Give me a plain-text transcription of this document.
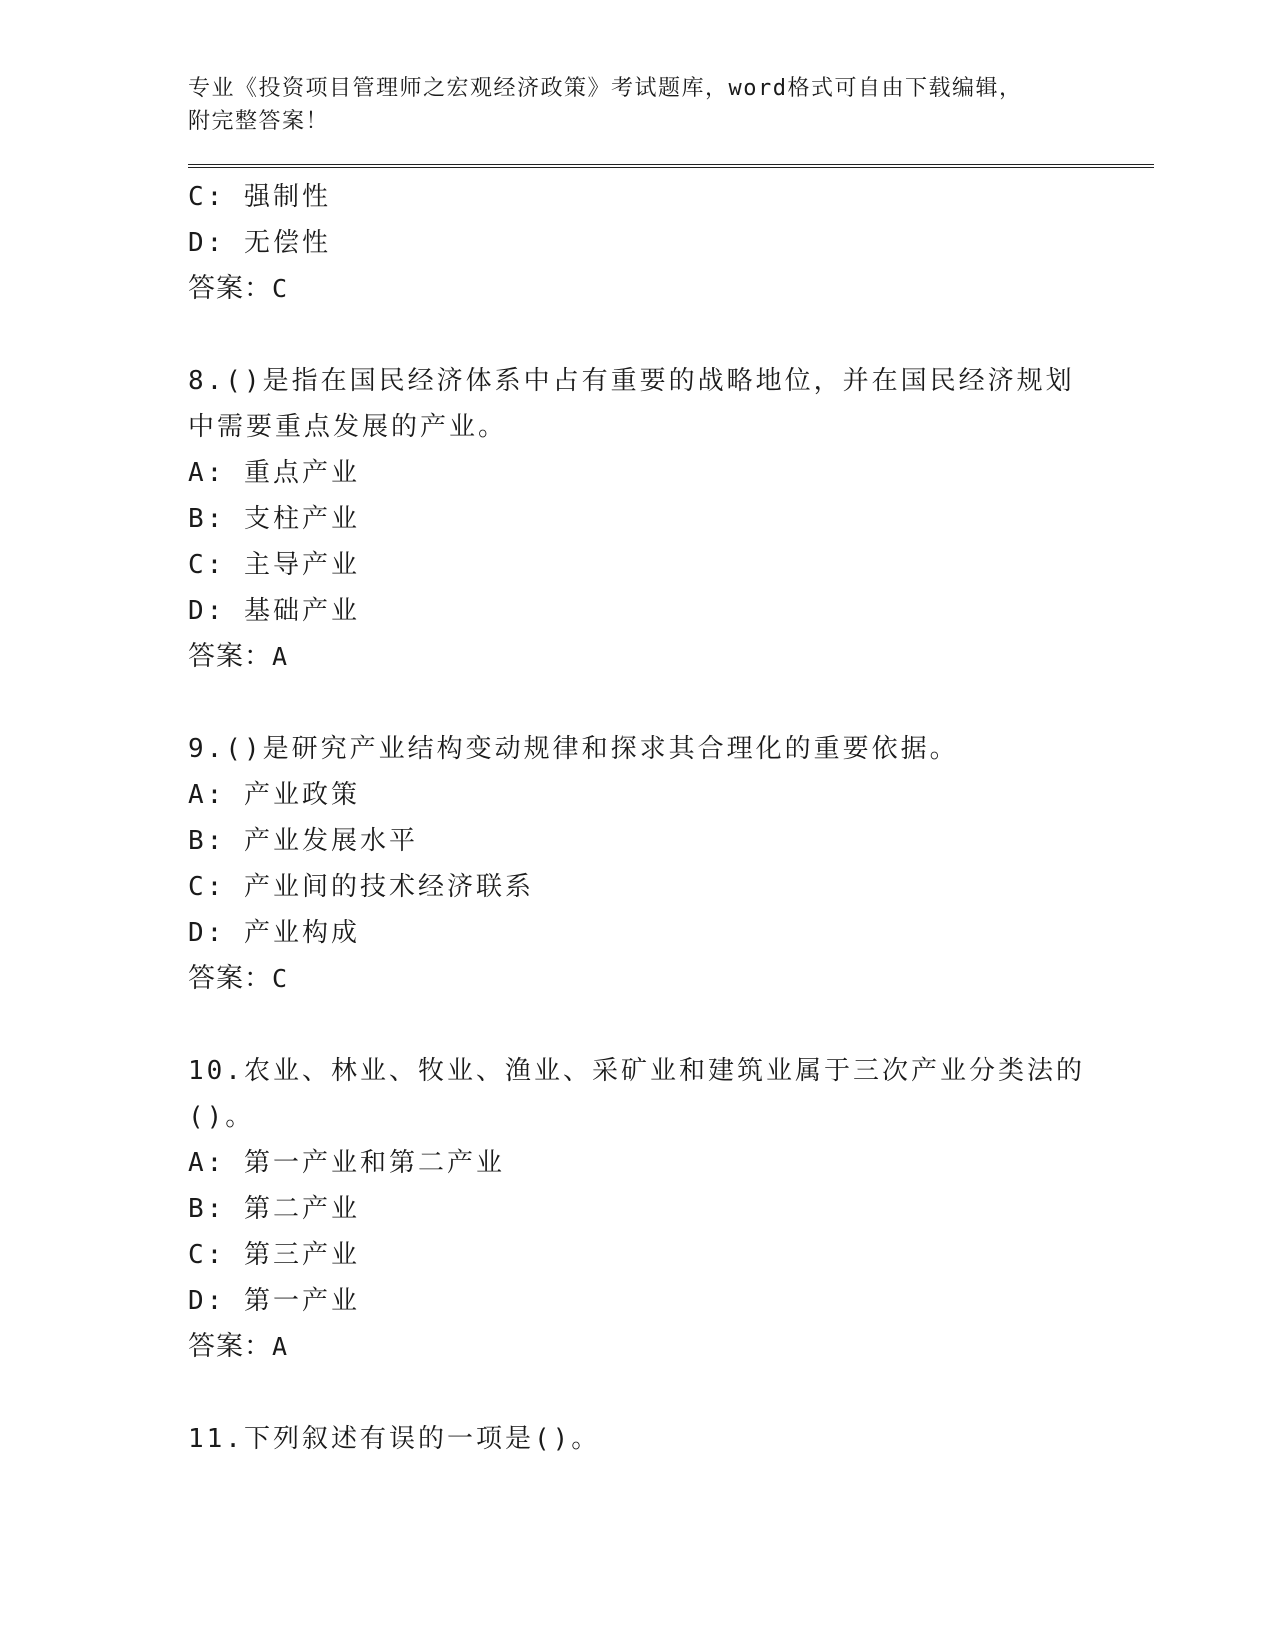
专业《投资项目管理师之宏观经济政策》考试题库，word格式可自由下载编辑，
附完整答案！
C: 强制性
D: 无偿性
答案：C
8.()是指在国民经济体系中占有重要的战略地位，并在国民经济规划
中需要重点发展的产业。
A: 重点产业
B: 支柱产业
C: 主导产业
D: 基础产业
答案：A
9.()是研究产业结构变动规律和探求其合理化的重要依据。
A: 产业政策
B: 产业发展水平
C: 产业间的技术经济联系
D: 产业构成
答案：C
10.农业、林业、牧业、渔业、采矿业和建筑业属于三次产业分类法的
()。
A: 第一产业和第二产业
B: 第二产业
C: 第三产业
D: 第一产业
答案：A
11.下列叙述有误的一项是()。
